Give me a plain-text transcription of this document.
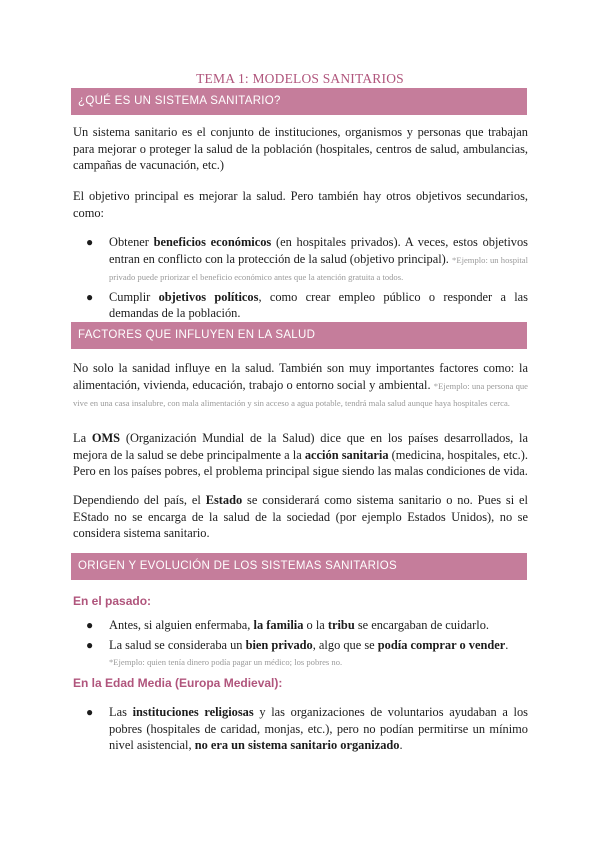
TEMA 1: MODELOS SANITARIOS
¿QUÉ ES UN SISTEMA SANITARIO?
Un sistema sanitario es el conjunto de instituciones, organismos y personas que trabajan para mejorar o proteger la salud de la población (hospitales, centros de salud, ambulancias, campañas de vacunación, etc.)
El objetivo principal es mejorar la salud. Pero también hay otros objetivos secundarios, como:
● Obtener beneficios económicos (en hospitales privados). A veces, estos objetivos entran en conflicto con la protección de la salud (objetivo principal). *Ejemplo: un hospital privado puede priorizar el beneficio económico antes que la atención gratuita a todos.
● Cumplir objetivos políticos, como crear empleo público o responder a las demandas de la población.
FACTORES QUE INFLUYEN EN LA SALUD
No solo la sanidad influye en la salud. También son muy importantes factores como: la alimentación, vivienda, educación, trabajo o entorno social y ambiental. *Ejemplo: una persona que vive en una casa insalubre, con mala alimentación y sin acceso a agua potable, tendrá mala salud aunque haya hospitales cerca.
La OMS (Organización Mundial de la Salud) dice que en los países desarrollados, la mejora de la salud se debe principalmente a la acción sanitaria (medicina, hospitales, etc.). Pero en los países pobres, el problema principal sigue siendo las malas condiciones de vida.
Dependiendo del país, el Estado se considerará como sistema sanitario o no. Pues si el EStado no se encarga de la salud de la sociedad (por ejemplo Estados Unidos), no se considera sistema sanitario.
ORIGEN Y EVOLUCIÓN DE LOS SISTEMAS SANITARIOS
En el pasado:
● Antes, si alguien enfermaba, la familia o la tribu se encargaban de cuidarlo.
● La salud se consideraba un bien privado, algo que se podía comprar o vender.
*Ejemplo: quien tenía dinero podía pagar un médico; los pobres no.
En la Edad Media (Europa Medieval):
● Las instituciones religiosas y las organizaciones de voluntarios ayudaban a los pobres (hospitales de caridad, monjas, etc.), pero no podían permitirse un mínimo nivel asistencial, no era un sistema sanitario organizado.
